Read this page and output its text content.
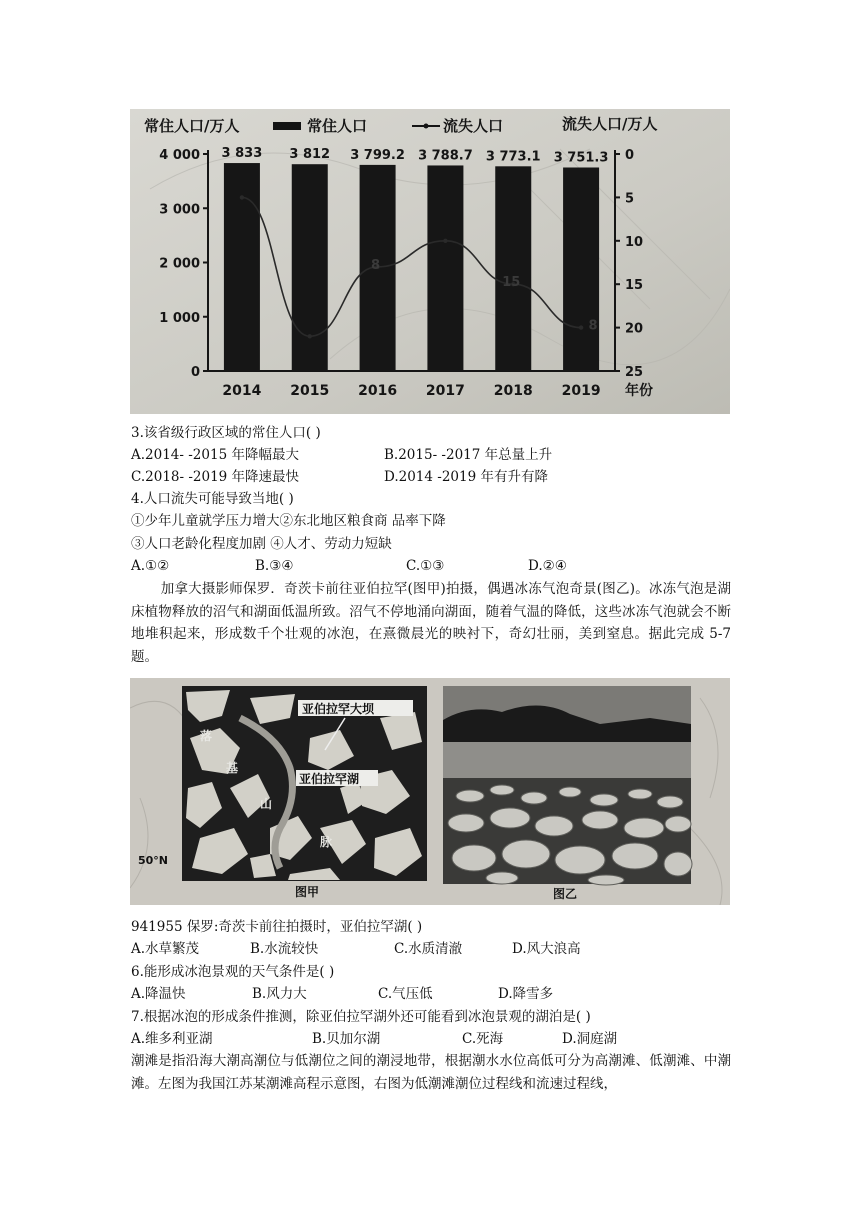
常住人口/万人	常住人口	流失人口	流失人口/万人
4 000
3 000
2 000
1 000
0
0
5
10
15
20
25
3 833
2014
3 812
2015
3 799.2
2016
3 788.7
2017
3 773.1
2018
3 751.3
2019 年份
8
15
8
3.该省级行政区域的常住人口( )
A.2014- -2015 年降幅最大	B.2015- -2017 年总量上升
C.2018- -2019 年降速最快	D.2014 -2019 年有升有降
4.人口流失可能导致当地( )
①少年儿童就学压力增大②东北地区粮食商 品率下降
③人口老龄化程度加剧 ④人才、劳动力短缺
A.①②	B.③④	C.①③	D.②④
加拿大摄影师保罗．奇茨卡前往亚伯拉罕(图甲)拍摄，偶遇冰冻气泡奇景(图乙)。冰冻气泡是湖床植物释放的沼气和湖面低温所致。沼气不停地涌向湖面，随着气温的降低，这些冰冻气泡就会不断地堆积起来，形成数千个壮观的冰泡，在熹微晨光的映衬下，奇幻壮丽，美到窒息。据此完成 5-7 题。
亚伯拉罕大坝
亚伯拉罕湖
落
基
山
脉
50°N
图甲	图乙
941955 保罗:奇茨卡前往拍摄时，亚伯拉罕湖( )
A.水草繁茂	B.水流较快	C.水质清澈	D.风大浪高
6.能形成冰泡景观的天气条件是( )
A.降温快	B.风力大	C.气压低	D.降雪多
7.根据冰泡的形成条件推测，除亚伯拉罕湖外还可能看到冰泡景观的湖泊是( )
A.维多利亚湖	B.贝加尔湖	C.死海	D.洞庭湖
潮滩是指沿海大潮高潮位与低潮位之间的潮浸地带，根据潮水水位高低可分为高潮滩、低潮滩、中潮滩。左图为我国江苏某潮滩高程示意图，右图为低潮滩潮位过程线和流速过程线，
